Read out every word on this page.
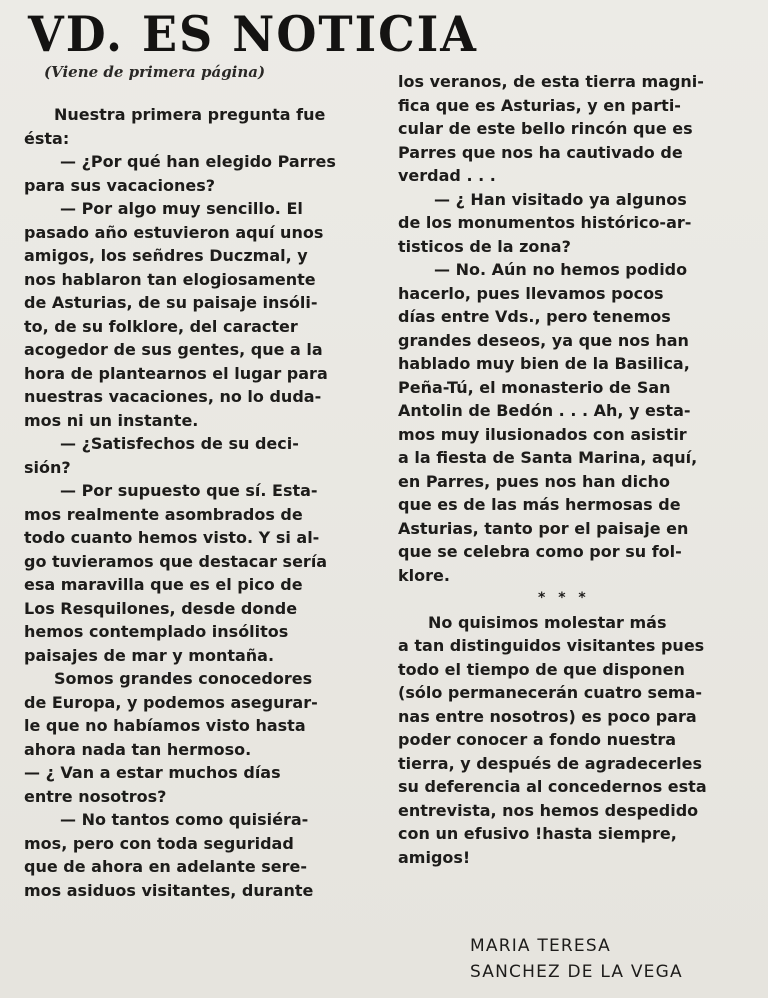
VD. ES NOTICIA
(Viene de primera página)
Nuestra primera pregunta fue
ésta:
— ¿Por qué han elegido Parres
para sus vacaciones?
— Por algo muy sencillo. El
pasado año estuvieron aquí unos
amigos, los señdres Duczmal, y
nos hablaron tan elogiosamente
de Asturias, de su paisaje insóli-
to, de su folklore, del caracter
acogedor de sus gentes, que a la
hora de plantearnos el lugar para
nuestras vacaciones, no lo duda-
mos ni un instante.
— ¿Satisfechos de su deci-
sión?
— Por supuesto que sí. Esta-
mos realmente asombrados de
todo cuanto hemos visto. Y si al-
go tuvieramos que destacar sería
esa maravilla que es el pico de
Los Resquilones, desde donde
hemos contemplado insólitos
paisajes de mar y montaña.
Somos grandes conocedores
de Europa, y podemos asegurar-
le que no habíamos visto hasta
ahora nada tan hermoso.
— ¿ Van a estar muchos días
entre nosotros?
— No tantos como quisiéra-
mos, pero con toda seguridad
que de ahora en adelante sere-
mos asiduos visitantes, durante
los veranos, de esta tierra magni-
fica que es Asturias, y en parti-
cular de este bello rincón que es
Parres que nos ha cautivado de
verdad . . .
— ¿ Han visitado ya algunos
de los monumentos histórico-ar-
tisticos de la zona?
— No. Aún no hemos podido
hacerlo, pues llevamos pocos
días entre Vds., pero tenemos
grandes deseos, ya que nos han
hablado muy bien de la Basilica,
Peña-Tú, el monasterio de San
Antolin de Bedón . . . Ah, y esta-
mos muy ilusionados con asistir
a la fiesta de Santa Marina, aquí,
en Parres, pues nos han dicho
que es de las más hermosas de
Asturias, tanto por el paisaje en
que se celebra como por su fol-
klore.
* * *
No quisimos molestar más
a tan distinguidos visitantes pues
todo el tiempo de que disponen
(sólo permanecerán cuatro sema-
nas entre nosotros) es poco para
poder conocer a fondo nuestra
tierra, y después de agradecerles
su deferencia al concedernos esta
entrevista, nos hemos despedido
con un efusivo !hasta siempre,
amigos!
MARIA TERESA
SANCHEZ DE LA VEGA
